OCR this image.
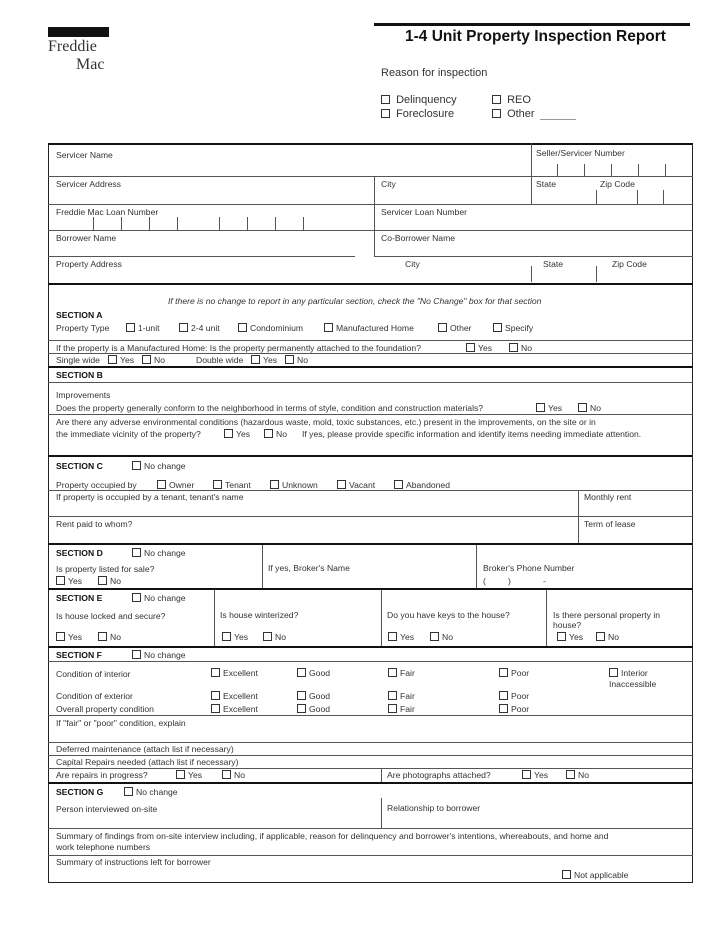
Freddie
Mac
1-4 Unit Property Inspection Report
Reason for inspection
Delinquency	REO
Foreclosure	Other
Servicer Name	Seller/Servicer Number
Servicer Address	City	State	Zip Code
Freddie Mac Loan Number	Servicer Loan Number
Borrower Name	Co-Borrower Name
Property Address	City	State	Zip Code
If there is no change to report in any particular section, check the "No Change" box for that section
SECTION A
Property Type	1-unit	2-4 unit	Condominium	Manufactured Home	Other	Specify
If the property is a Manufactured Home: Is the property permanently attached to the foundation?	Yes	No
Single wide	Yes	No	Double wide	Yes	No
SECTION B
Improvements
Does the property generally conform to the neighborhood in terms of style, condition and construction materials?	Yes	No
Are there any adverse environmental conditions (hazardous waste, mold, toxic substances, etc.) present in the improvements, on the site or in
the immediate vicinity of the property?	Yes	No If yes, please provide specific information and identify items needing immediate attention.
SECTION C	No change
Property occupied by	Owner	Tenant	Unknown	Vacant	Abandoned
If property is occupied by a tenant, tenant's name	Monthly rent
Rent paid to whom?	Term of lease
SECTION D	No change
Is property listed for sale?
Yes	No
If yes, Broker's Name	Broker's Phone Number
(	)	-
SECTION E	No change
Is house locked and secure?	Is house winterized?	Do you have keys to the house?	Is there personal property in
house?
Yes	No	Yes	No	Yes	No	Yes	No
SECTION F	No change
Condition of interior	Excellent	Good	Fair	Poor	Interior
Inaccessible
Condition of exterior	Excellent	Good	Fair	Poor
Overall property condition	Excellent	Good	Fair	Poor
If "fair" or "poor" condition, explain
Deferred maintenance (attach list if necessary)
Capital Repairs needed (attach list if necessary)
Are repairs in progress?	Yes	No	Are photographs attached?	Yes	No
SECTION G	No change
Person interviewed on-site	Relationship to borrower
Summary of findings from on-site interview including, if applicable, reason for delinquency and borrower's intentions, whereabouts, and home and
work telephone numbers
Summary of instructions left for borrower
Not applicable
